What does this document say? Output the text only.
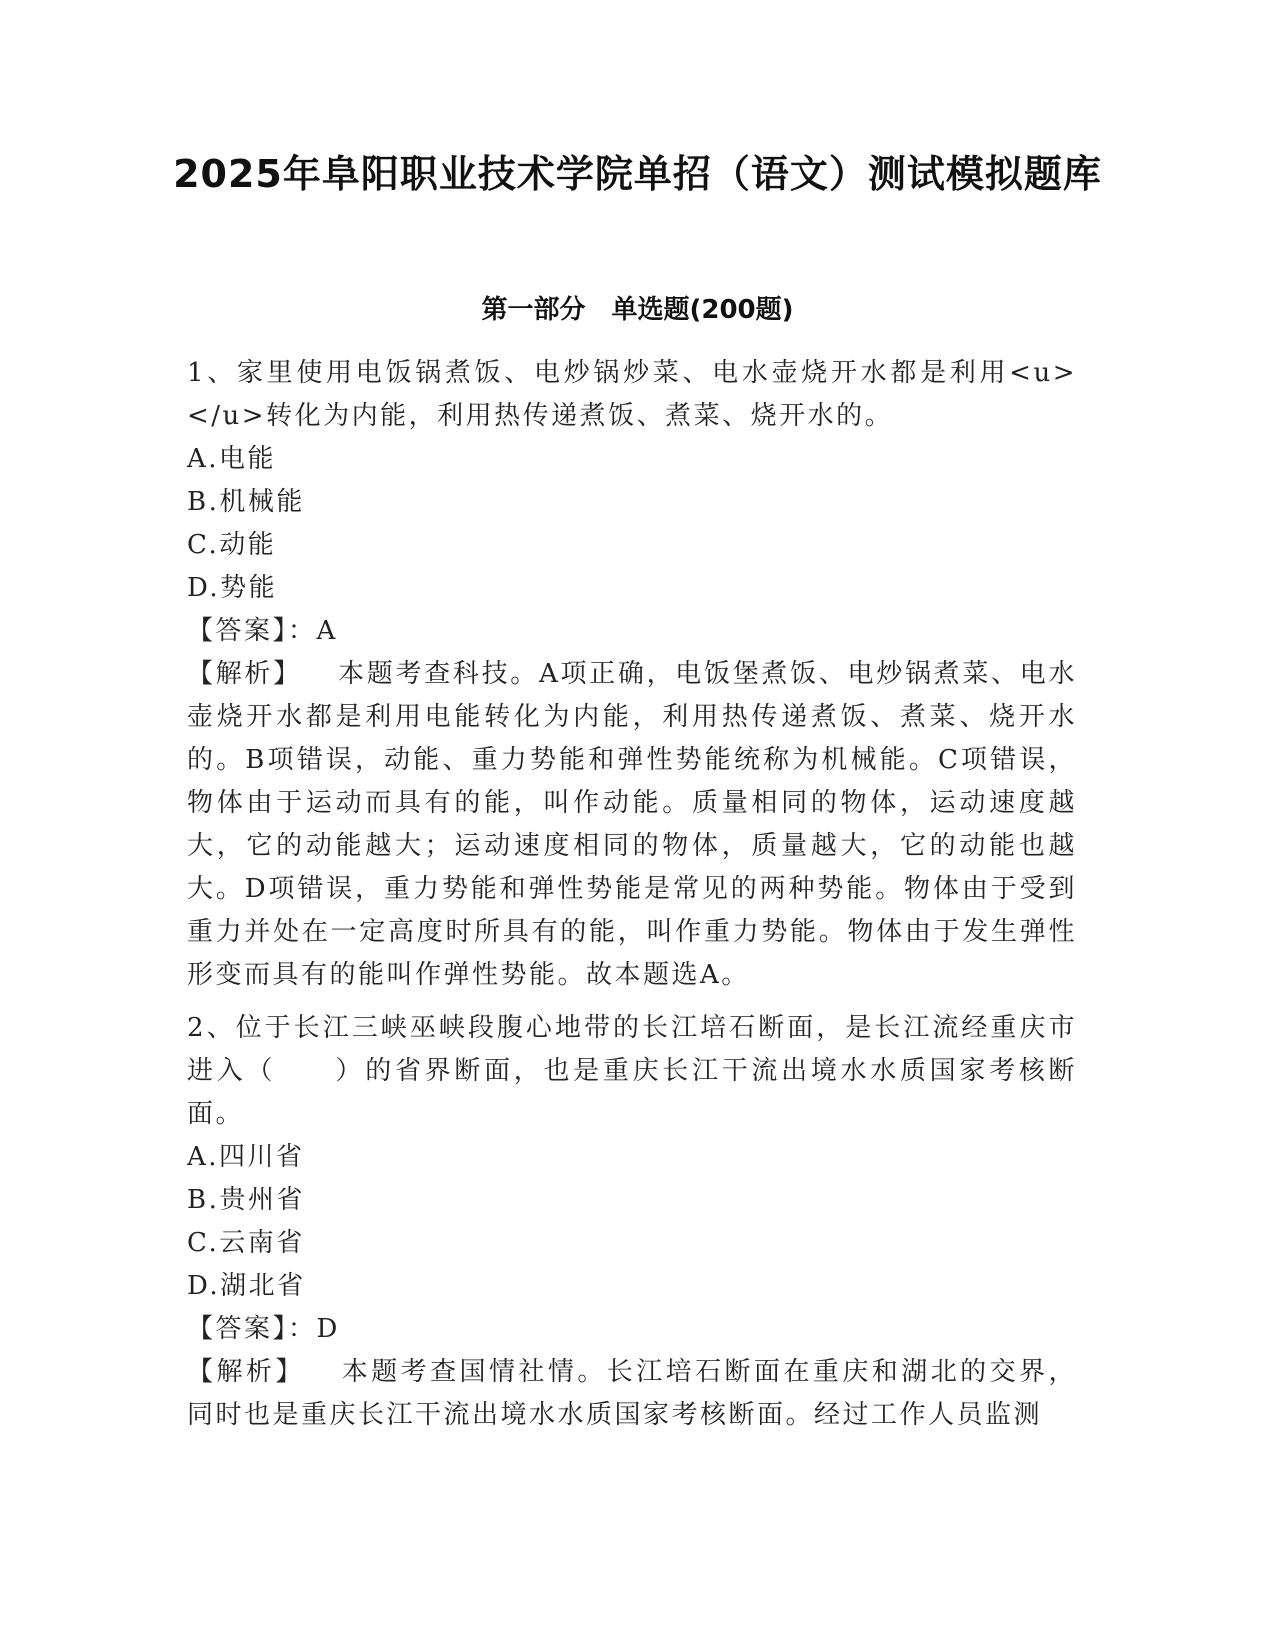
2025年阜阳职业技术学院单招（语文）测试模拟题库
第一部分　单选题(200题)

1、家里使用电饭锅煮饭、电炒锅炒菜、电水壶烧开水都是利用<u></u>转化为内能，利用热传递煮饭、煮菜、烧开水的。

A.电能

B.机械能

C.动能

D.势能

【答案】：A

【解析】 本题考查科技。A项正确，电饭堡煮饭、电炒锅煮菜、电水壶烧开水都是利用电能转化为内能，利用热传递煮饭、煮菜、烧开水的。B项错误，动能、重力势能和弹性势能统称为机械能。C项错误，物体由于运动而具有的能，叫作动能。质量相同的物体，运动速度越大，它的动能越大；运动速度相同的物体，质量越大，它的动能也越大。D项错误，重力势能和弹性势能是常见的两种势能。物体由于受到重力并处在一定高度时所具有的能，叫作重力势能。物体由于发生弹性形变而具有的能叫作弹性势能。故本题选A。

2、位于长江三峡巫峡段腹心地带的长江培石断面，是长江流经重庆市进入（　　）的省界断面，也是重庆长江干流出境水水质国家考核断面。

A.四川省

B.贵州省

C.云南省

D.湖北省

【答案】：D

【解析】 本题考查国情社情。长江培石断面在重庆和湖北的交界，同时也是重庆长江干流出境水水质国家考核断面。经过工作人员监测
